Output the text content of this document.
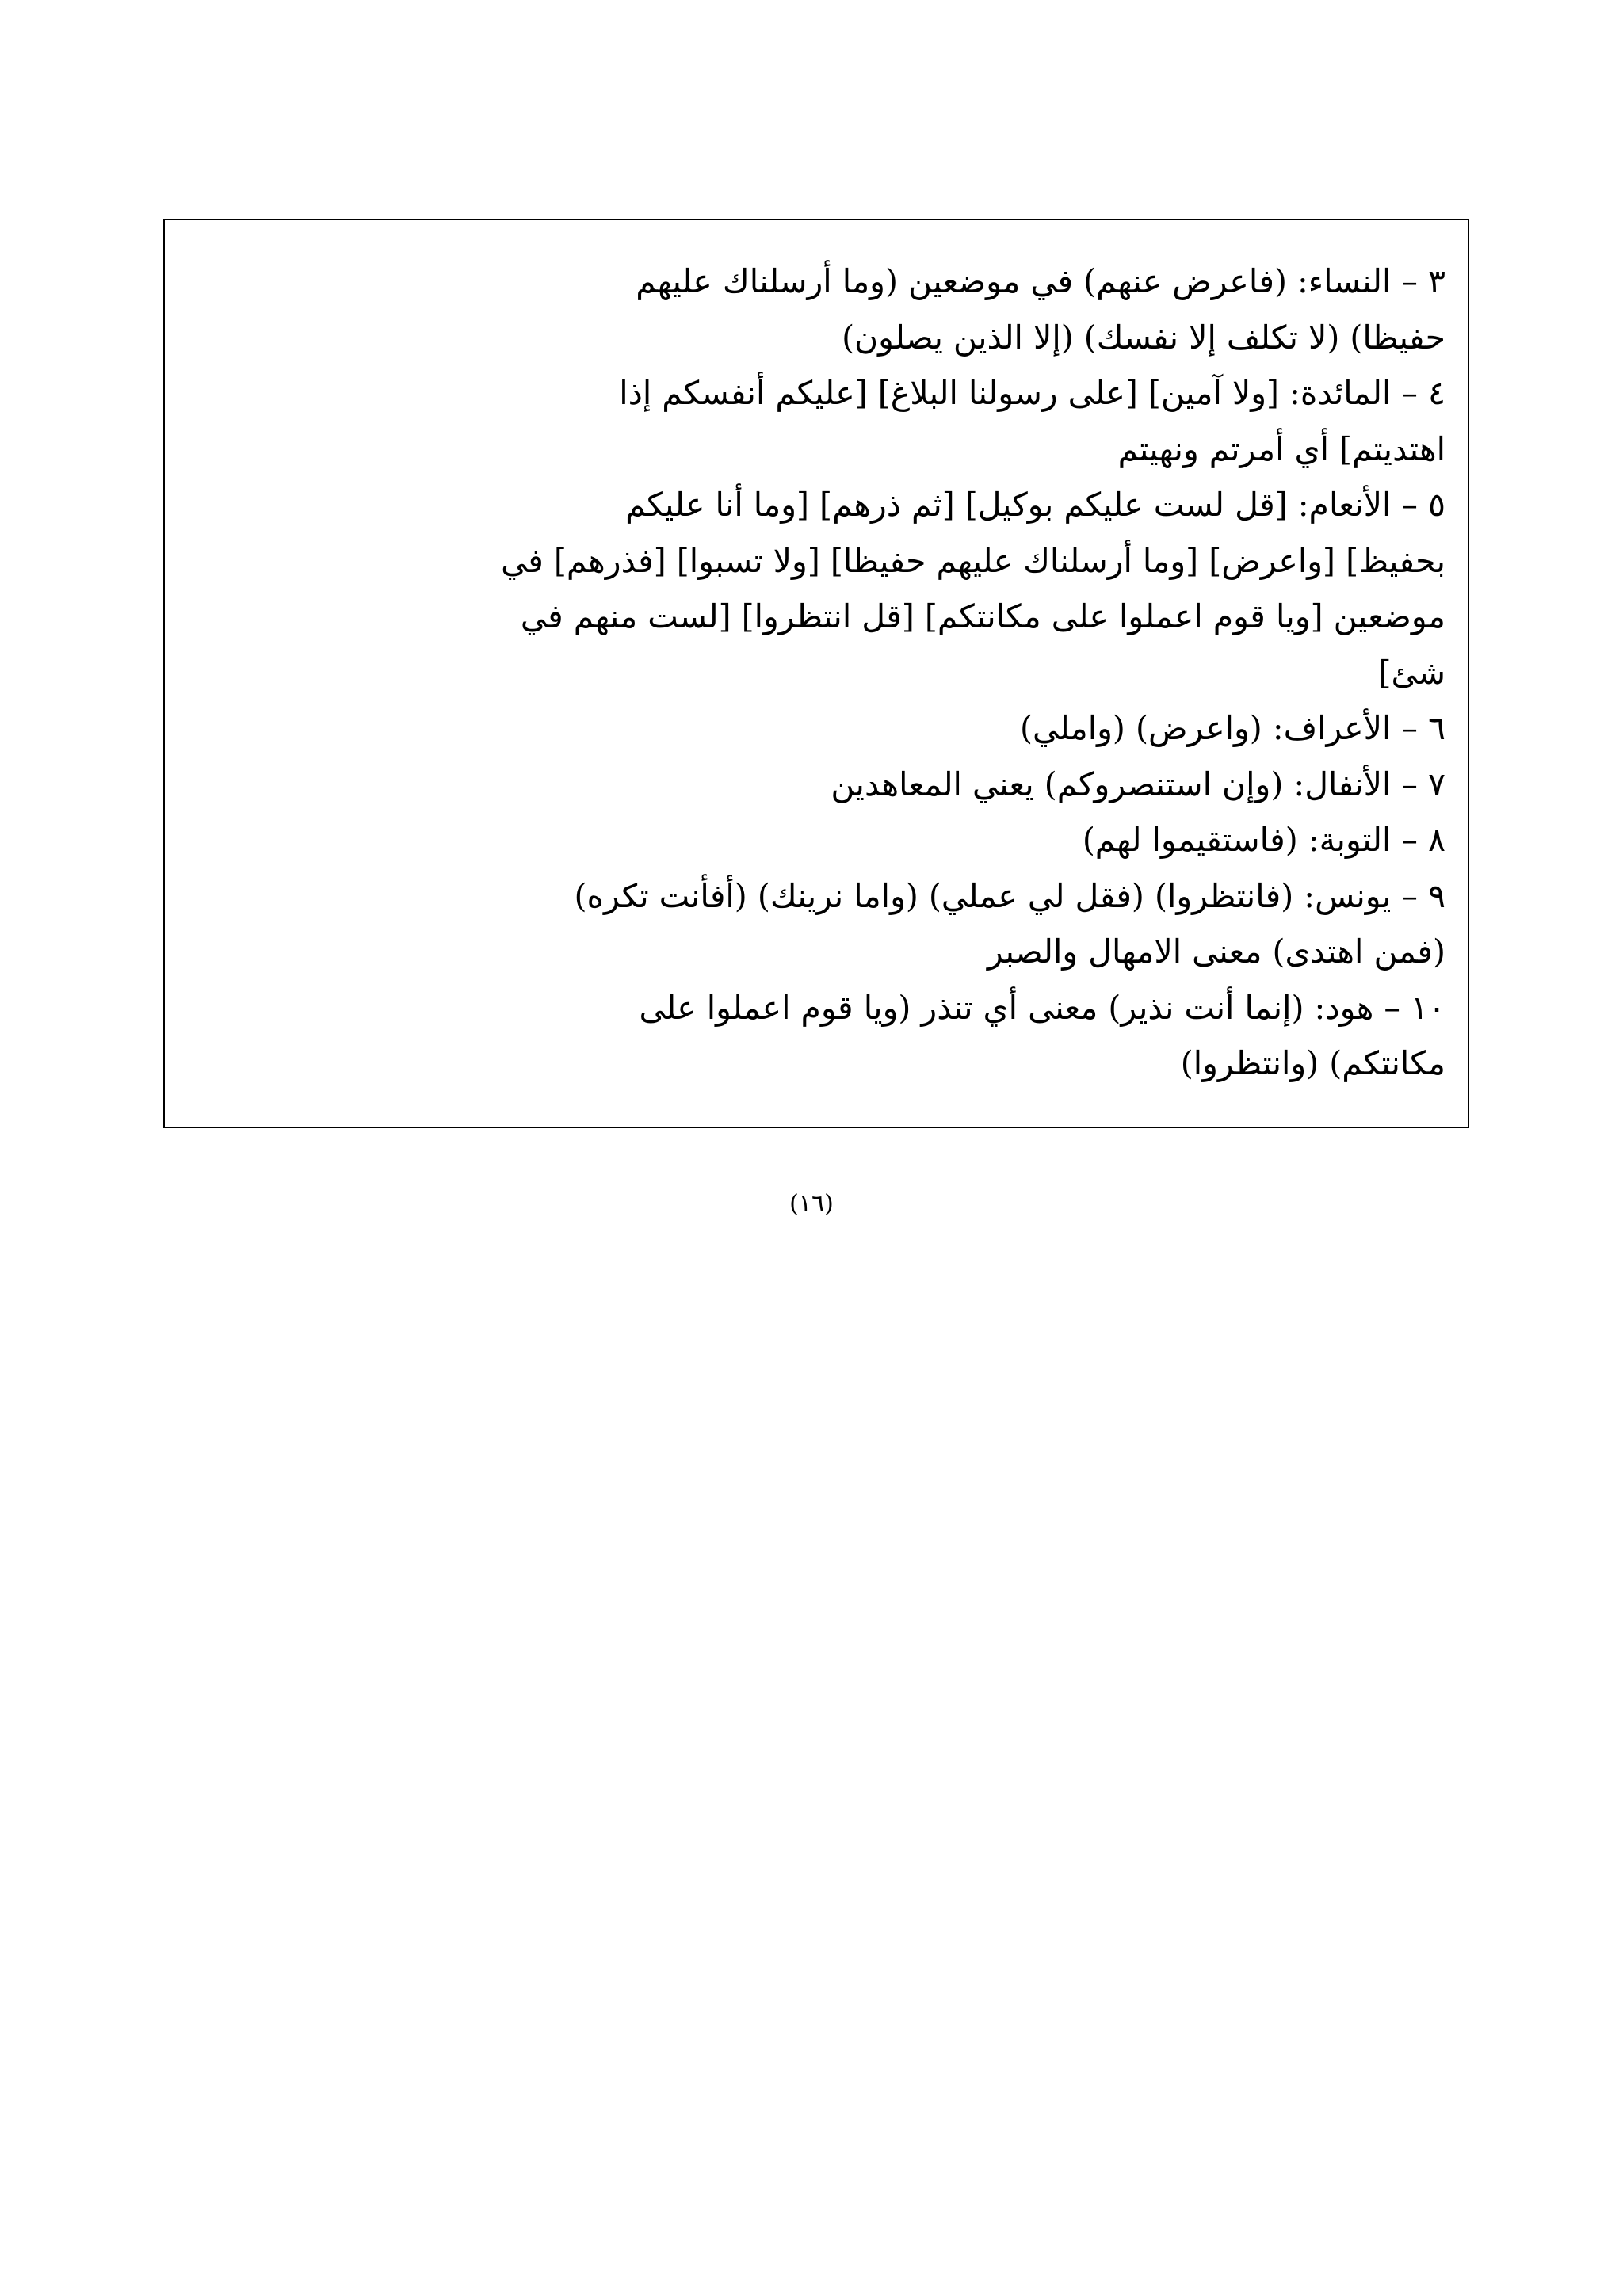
٣ – النساء: (فاعرض عنهم) في موضعين (وما أرسلناك عليهم
حفيظا) (لا تكلف إلا نفسك) (إلا الذين يصلون)
٤ – المائدة: [ولا آمين] [على رسولنا البلاغ] [عليكم أنفسكم إذا
اهتديتم] أي أمرتم ونهيتم
٥ – الأنعام: [قل لست عليكم بوكيل] [ثم ذرهم] [وما أنا عليكم
بحفيظ] [واعرض] [وما أرسلناك عليهم حفيظا] [ولا تسبوا] [فذرهم] في
موضعين [ويا قوم اعملوا على مكانتكم] [قل انتظروا] [لست منهم في
شئ]
٦ – الأعراف: (واعرض) (واملي)
٧ – الأنفال: (وإن استنصروكم) يعني المعاهدين
٨ – التوبة: (فاستقيموا لهم)
٩ – يونس: (فانتظروا) (فقل لي عملي) (واما نرينك) (أفأنت تكره)
(فمن اهتدى) معنى الامهال والصبر
١٠ – هود: (إنما أنت نذير) معنى أي تنذر (ويا قوم اعملوا على
مكانتكم) (وانتظروا)
(١٦)
